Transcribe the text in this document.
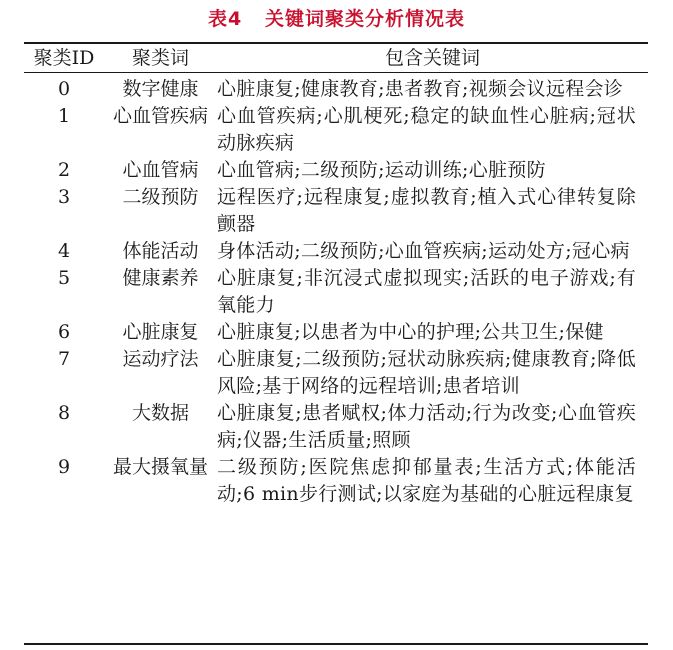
表4   关键词聚类分析情况表
聚类ID	聚类词	包含关键词
0	数字健康	心脏康复;健康教育;患者教育;视频会议远程会诊
1	心血管疾病	心血管疾病;心肌梗死;稳定的缺血性心脏病;冠状动脉疾病
2	心血管病	心血管病;二级预防;运动训练;心脏预防
3	二级预防	远程医疗;远程康复;虚拟教育;植入式心律转复除颤器
4	体能活动	身体活动;二级预防;心血管疾病;运动处方;冠心病
5	健康素养	心脏康复;非沉浸式虚拟现实;活跃的电子游戏;有氧能力
6	心脏康复	心脏康复;以患者为中心的护理;公共卫生;保健
7	运动疗法	心脏康复;二级预防;冠状动脉疾病;健康教育;降低风险;基于网络的远程培训;患者培训
8	大数据	心脏康复;患者赋权;体力活动;行为改变;心血管疾病;仪器;生活质量;照顾
9	最大摄氧量	二级预防;医院焦虑抑郁量表;生活方式;体能活动;6 min步行测试;以家庭为基础的心脏远程康复
